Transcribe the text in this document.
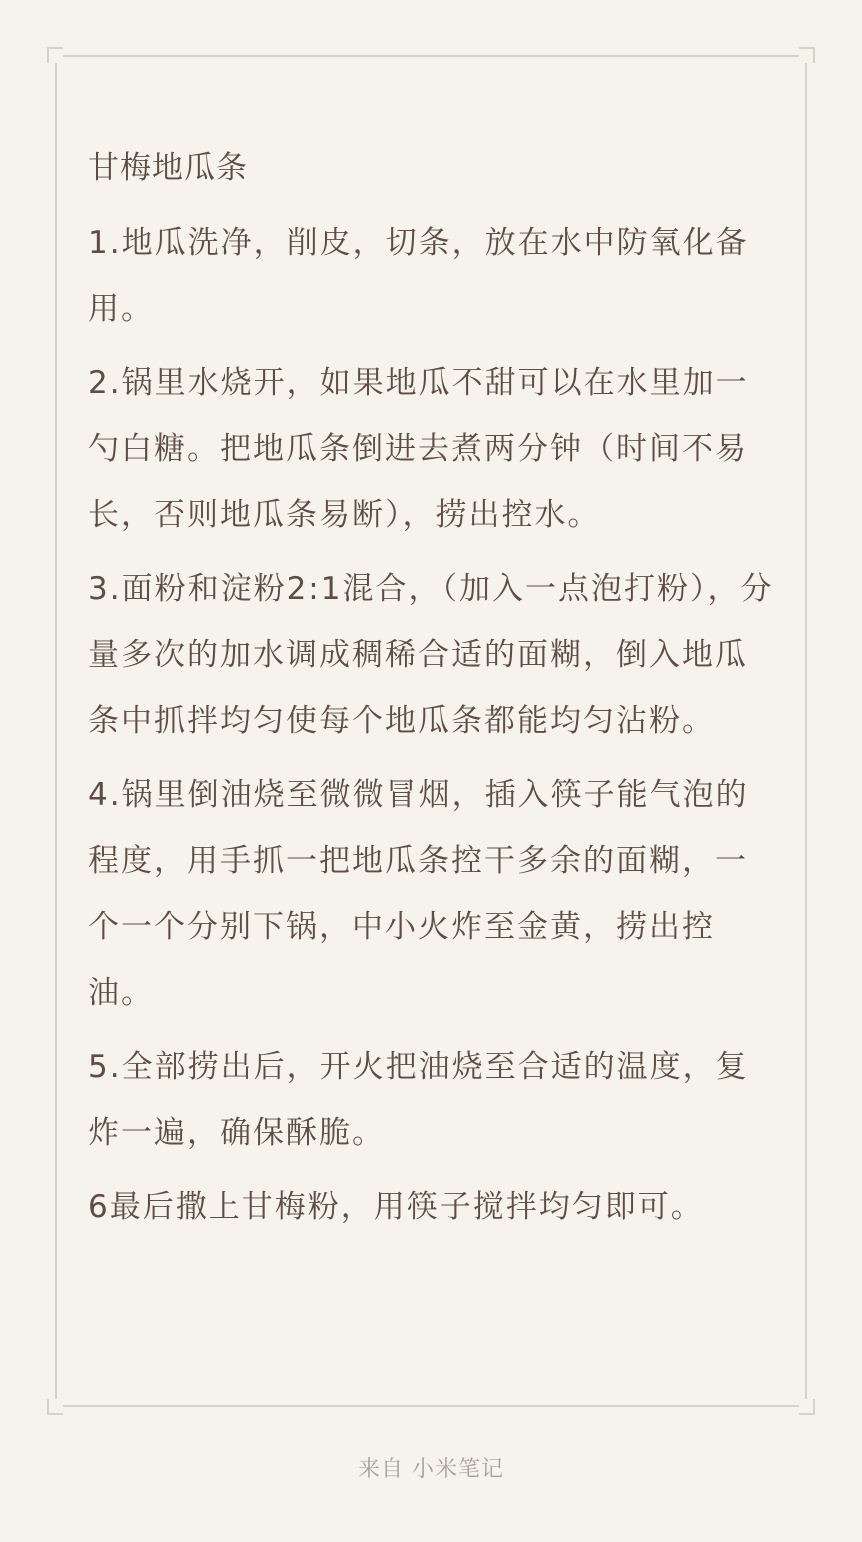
甘梅地瓜条
1.地瓜洗净，削皮，切条，放在水中防氧化备用。
2.锅里水烧开，如果地瓜不甜可以在水里加一勺白糖。把地瓜条倒进去煮两分钟（时间不易长，否则地瓜条易断），捞出控水。
3.面粉和淀粉2:1混合，（加入一点泡打粉），分量多次的加水调成稠稀合适的面糊，倒入地瓜条中抓拌均匀使每个地瓜条都能均匀沾粉。
4.锅里倒油烧至微微冒烟，插入筷子能气泡的程度，用手抓一把地瓜条控干多余的面糊，一个一个分别下锅，中小火炸至金黄，捞出控油。
5.全部捞出后，开火把油烧至合适的温度，复炸一遍，确保酥脆。
6最后撒上甘梅粉，用筷子搅拌均匀即可。
来自 小米笔记
